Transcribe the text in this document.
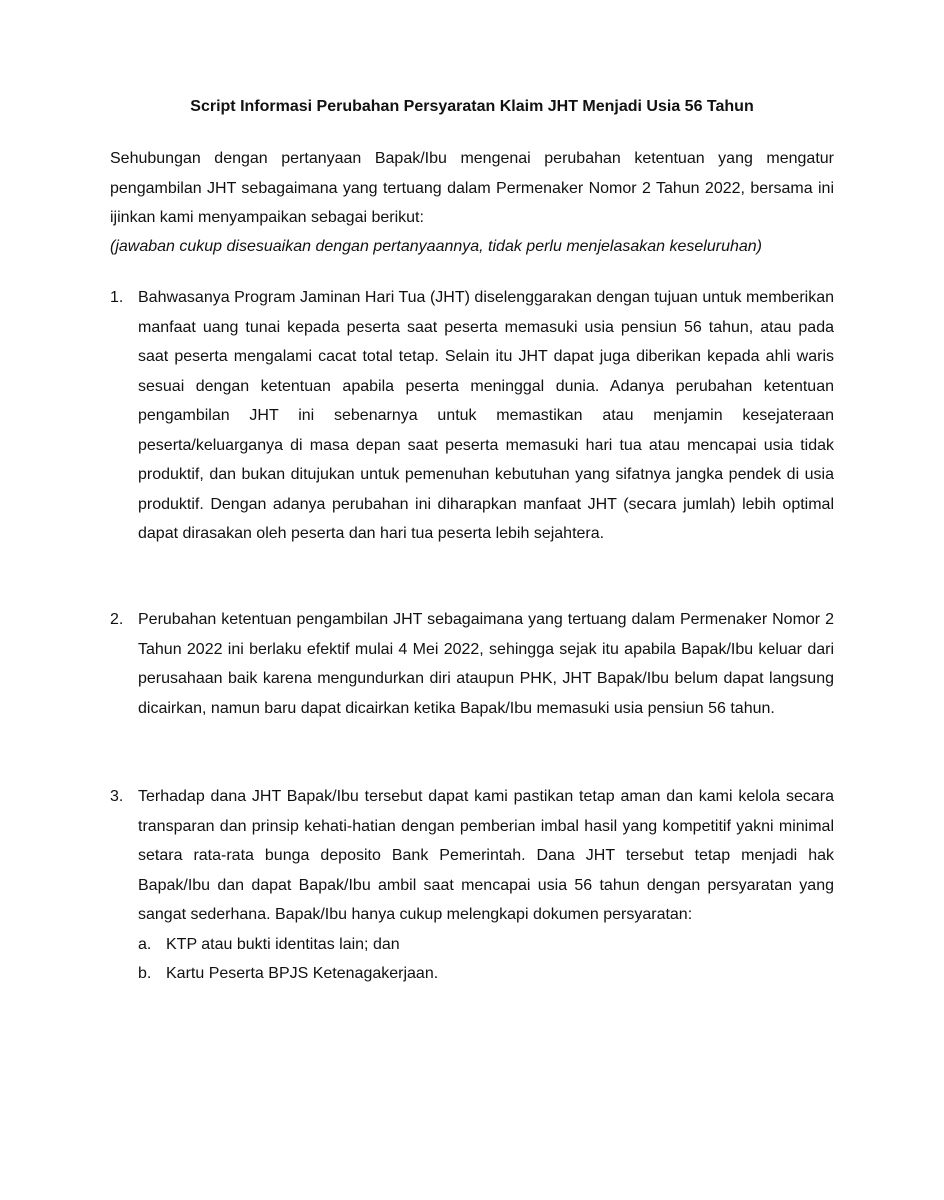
Script Informasi Perubahan Persyaratan Klaim JHT Menjadi Usia 56 Tahun

Sehubungan dengan pertanyaan Bapak/Ibu mengenai perubahan ketentuan yang mengatur pengambilan JHT sebagaimana yang tertuang dalam Permenaker Nomor 2 Tahun 2022, bersama ini ijinkan kami menyampaikan sebagai berikut:

(jawaban cukup disesuaikan dengan pertanyaannya, tidak perlu menjelasakan keseluruhan)

1. Bahwasanya Program Jaminan Hari Tua (JHT) diselenggarakan dengan tujuan untuk memberikan manfaat uang tunai kepada peserta saat peserta memasuki usia pensiun 56 tahun, atau pada saat peserta mengalami cacat total tetap. Selain itu JHT dapat juga diberikan kepada ahli waris sesuai dengan ketentuan apabila peserta meninggal dunia. Adanya perubahan ketentuan pengambilan JHT ini sebenarnya untuk memastikan atau menjamin kesejateraan peserta/keluarganya di masa depan saat peserta memasuki hari tua atau mencapai usia tidak produktif, dan bukan ditujukan untuk pemenuhan kebutuhan yang sifatnya jangka pendek di usia produktif. Dengan adanya perubahan ini diharapkan manfaat JHT (secara jumlah) lebih optimal dapat dirasakan oleh peserta dan hari tua peserta lebih sejahtera.

2. Perubahan ketentuan pengambilan JHT sebagaimana yang tertuang dalam Permenaker Nomor 2 Tahun 2022 ini berlaku efektif mulai 4 Mei 2022, sehingga sejak itu apabila Bapak/Ibu keluar dari perusahaan baik karena mengundurkan diri ataupun PHK, JHT Bapak/Ibu belum dapat langsung dicairkan, namun baru dapat dicairkan ketika Bapak/Ibu memasuki usia pensiun 56 tahun.

3. Terhadap dana JHT Bapak/Ibu tersebut dapat kami pastikan tetap aman dan kami kelola secara transparan dan prinsip kehati-hatian dengan pemberian imbal hasil yang kompetitif yakni minimal setara rata-rata bunga deposito Bank Pemerintah. Dana JHT tersebut tetap menjadi hak Bapak/Ibu dan dapat Bapak/Ibu ambil saat mencapai usia 56 tahun dengan persyaratan yang sangat sederhana. Bapak/Ibu hanya cukup melengkapi dokumen persyaratan:

a. KTP atau bukti identitas lain; dan
b. Kartu Peserta BPJS Ketenagakerjaan.
